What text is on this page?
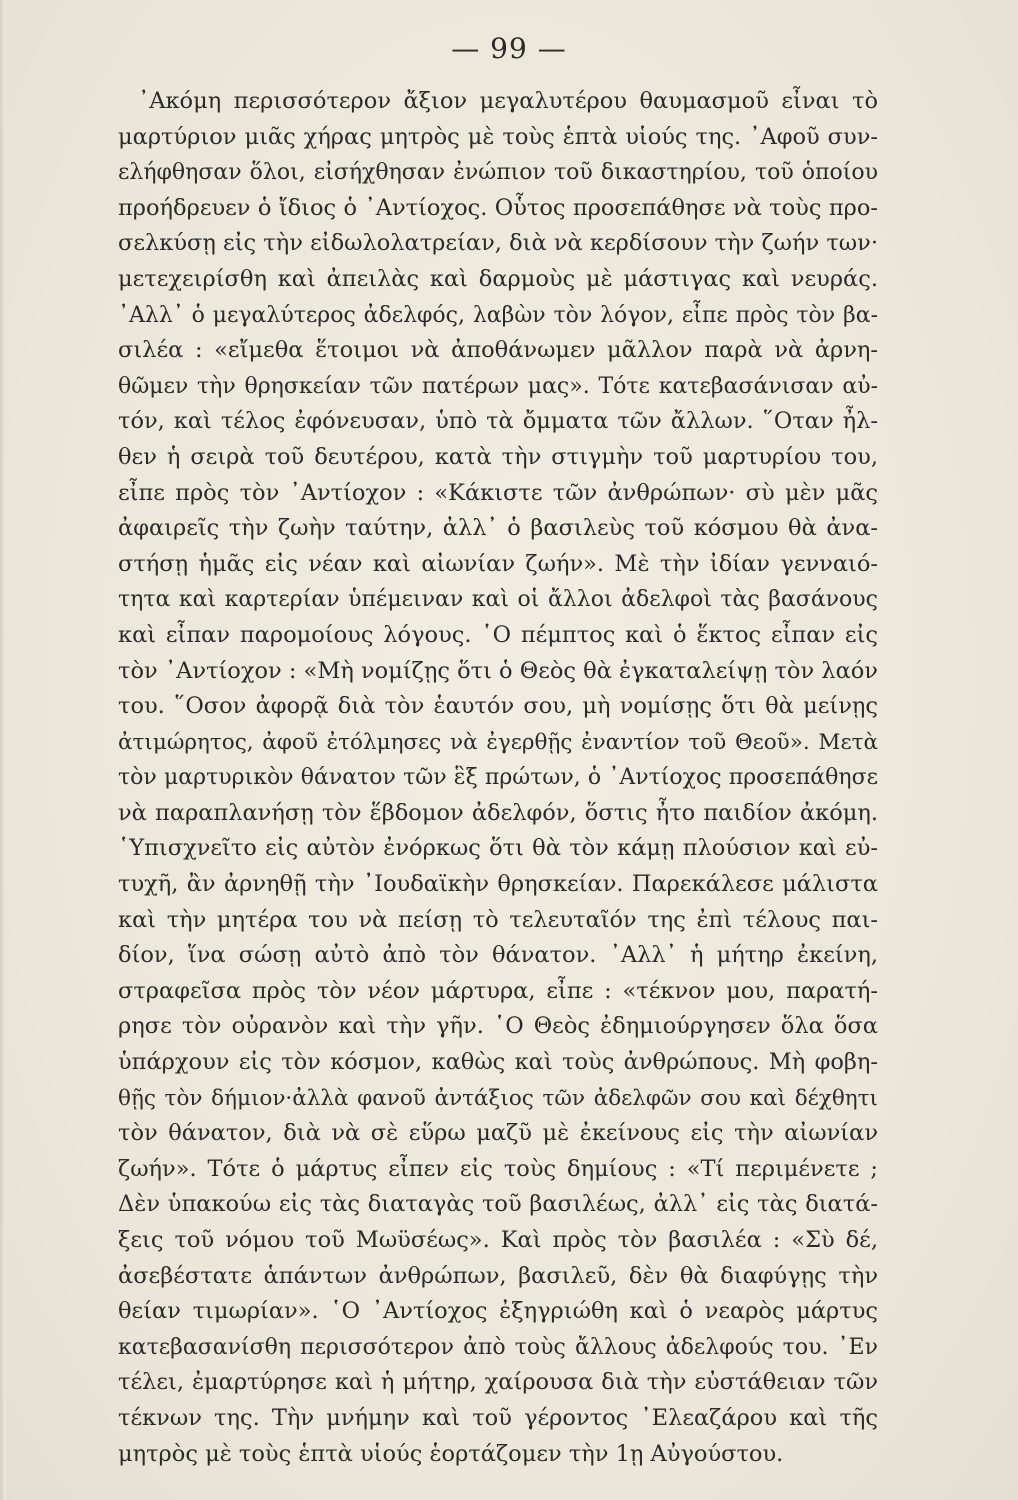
— 99 —
᾿Ακόμη περισσότερον ἄξιον μεγαλυτέρου θαυμασμοῦ εἶναι τὸ
μαρτύριον μιᾶς χήρας μητρὸς μὲ τοὺς ἑπτὰ υἱούς της. ᾿Αφοῦ συν-
ελήφθησαν ὅλοι, εἰσήχθησαν ἐνώπιον τοῦ δικαστηρίου, τοῦ ὁποίου
προήδρευεν ὁ ἴδιος ὁ ᾿Αντίοχος. Οὗτος προσεπάθησε νὰ τοὺς προ-
σελκύσῃ εἰς τὴν εἰδωλολατρείαν, διὰ νὰ κερδίσουν τὴν ζωήν των·
μετεχειρίσθη καὶ ἀπειλὰς καὶ δαρμοὺς μὲ μάστιγας καὶ νευράς.
᾿Αλλ᾿ ὁ μεγαλύτερος ἀδελφός, λαβὼν τὸν λόγον, εἶπε πρὸς τὸν βα-
σιλέα : «εἴμεθα ἕτοιμοι νὰ ἀποθάνωμεν μᾶλλον παρὰ νὰ ἀρνη-
θῶμεν τὴν θρησκείαν τῶν πατέρων μας». Τότε κατεβασάνισαν αὐ-
τόν, καὶ τέλος ἐφόνευσαν, ὑπὸ τὰ ὄμματα τῶν ἄλλων. ῞Οταν ἦλ-
θεν ἡ σειρὰ τοῦ δευτέρου, κατὰ τὴν στιγμὴν τοῦ μαρτυρίου του,
εἶπε πρὸς τὸν ᾿Αντίοχον : «Κάκιστε τῶν ἀνθρώπων· σὺ μὲν μᾶς
ἀφαιρεῖς τὴν ζωὴν ταύτην, ἀλλ᾿ ὁ βασιλεὺς τοῦ κόσμου θὰ ἀνα-
στήσῃ ἡμᾶς εἰς νέαν καὶ αἰωνίαν ζωήν». Μὲ τὴν ἰδίαν γενναιό-
τητα καὶ καρτερίαν ὑπέμειναν καὶ οἱ ἄλλοι ἀδελφοὶ τὰς βασάνους
καὶ εἶπαν παρομοίους λόγους. ῾Ο πέμπτος καὶ ὁ ἕκτος εἶπαν εἰς
τὸν ᾿Αντίοχον : «Μὴ νομίζῃς ὅτι ὁ Θεὸς θὰ ἐγκαταλείψῃ τὸν λαόν
του. ῞Οσον ἀφορᾷ διὰ τὸν ἑαυτόν σου, μὴ νομίσῃς ὅτι θὰ μείνῃς
ἀτιμώρητος, ἀφοῦ ἐτόλμησες νὰ ἐγερθῇς ἐναντίον τοῦ Θεοῦ». Μετὰ
τὸν μαρτυρικὸν θάνατον τῶν ἓξ πρώτων, ὁ ᾿Αντίοχος προσεπάθησε
νὰ παραπλανήσῃ τὸν ἕβδομον ἀδελφόν, ὅστις ἦτο παιδίον ἀκόμη.
῾Υπισχνεῖτο εἰς αὐτὸν ἐνόρκως ὅτι θὰ τὸν κάμῃ πλούσιον καὶ εὐ-
τυχῆ, ἂν ἀρνηθῇ τὴν ᾿Ιουδαϊκὴν θρησκείαν. Παρεκάλεσε μάλιστα
καὶ τὴν μητέρα του νὰ πείσῃ τὸ τελευταῖόν της ἐπὶ τέλους παι-
δίον, ἵνα σώσῃ αὐτὸ ἀπὸ τὸν θάνατον. ᾿Αλλ᾿ ἡ μήτηρ ἐκείνη,
στραφεῖσα πρὸς τὸν νέον μάρτυρα, εἶπε : «τέκνον μου, παρατή-
ρησε τὸν οὐρανὸν καὶ τὴν γῆν. ῾Ο Θεὸς ἐδημιούργησεν ὅλα ὅσα
ὑπάρχουν εἰς τὸν κόσμον, καθὼς καὶ τοὺς ἀνθρώπους. Μὴ φοβη-
θῇς τὸν δήμιον·ἀλλὰ φανοῦ ἀντάξιος τῶν ἀδελφῶν σου καὶ δέχθητι
τὸν θάνατον, διὰ νὰ σὲ εὕρω μαζῦ μὲ ἐκείνους εἰς τὴν αἰωνίαν
ζωήν». Τότε ὁ μάρτυς εἶπεν εἰς τοὺς δημίους : «Τί περιμένετε ;
Δὲν ὑπακούω εἰς τὰς διαταγὰς τοῦ βασιλέως, ἀλλ᾿ εἰς τὰς διατά-
ξεις τοῦ νόμου τοῦ Μωϋσέως». Καὶ πρὸς τὸν βασιλέα : «Σὺ δέ,
ἀσεβέστατε ἁπάντων ἀνθρώπων, βασιλεῦ, δὲν θὰ διαφύγῃς τὴν
θείαν τιμωρίαν». ῾Ο ᾿Αντίοχος ἐξηγριώθη καὶ ὁ νεαρὸς μάρτυς
κατεβασανίσθη περισσότερον ἀπὸ τοὺς ἄλλους ἀδελφούς του. ᾿Εν
τέλει, ἐμαρτύρησε καὶ ἡ μήτηρ, χαίρουσα διὰ τὴν εὐστάθειαν τῶν
τέκνων της. Τὴν μνήμην καὶ τοῦ γέροντος ᾿Ελεαζάρου καὶ τῆς
μητρὸς μὲ τοὺς ἑπτὰ υἱούς ἑορτάζομεν τὴν 1ῃ Αὐγούστου.
